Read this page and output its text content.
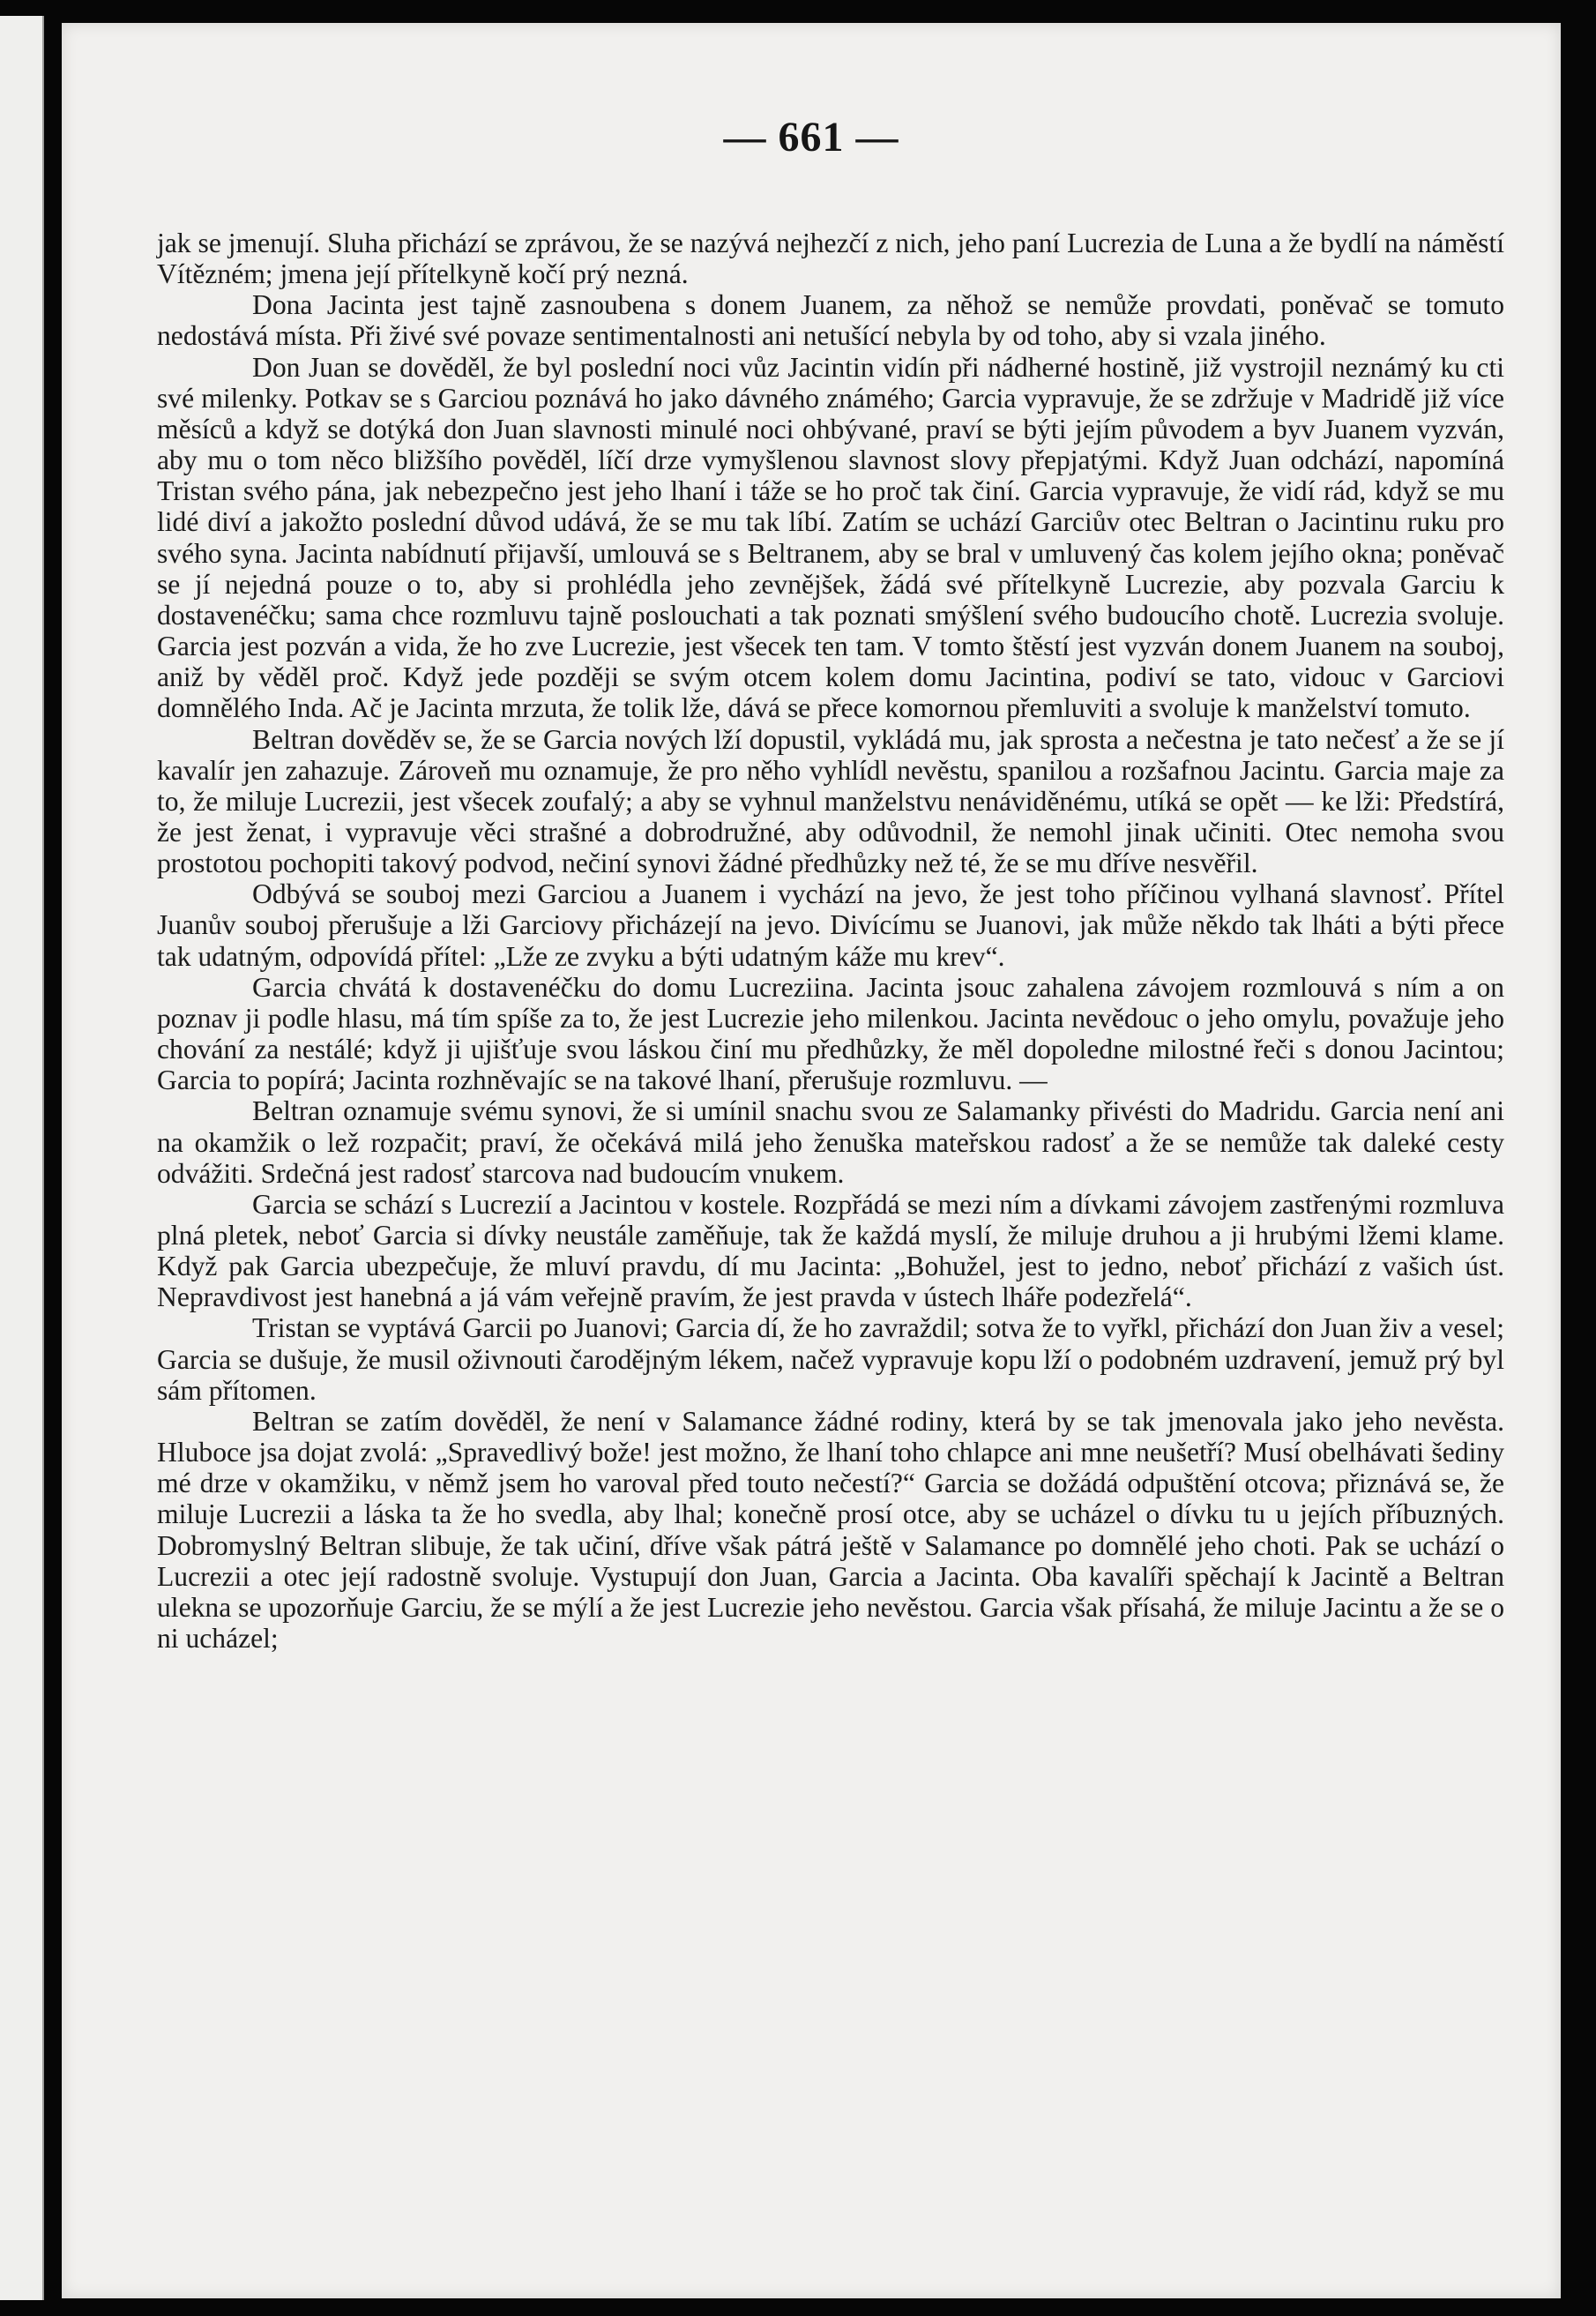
— 661 —

jak se jmenují. Sluha přichází se zprávou, že se nazývá nejhezčí z nich, jeho paní Lucrezia de Luna a že bydlí na náměstí Vítězném; jmena její přítelkyně kočí prý nezná.

Dona Jacinta jest tajně zasnoubena s donem Juanem, za něhož se nemůže provdati, poněvač se tomuto nedostává místa. Při živé své povaze sentimentalnosti ani netušící nebyla by od toho, aby si vzala jiného.

Don Juan se dověděl, že byl poslední noci vůz Jacintin vidín při nádherné hostině, již vystrojil neznámý ku cti své milenky. Potkav se s Garciou poznává ho jako dávného známého; Garcia vypravuje, že se zdržuje v Madridě již více měsíců a když se dotýká don Juan slavnosti minulé noci ohbývané, praví se býti jejím původem a byv Juanem vyzván, aby mu o tom něco bližšího pověděl, líčí drze vymyšlenou slavnost slovy přepjatými. Když Juan odchází, napomíná Tristan svého pána, jak nebezpečno jest jeho lhaní i táže se ho proč tak činí. Garcia vypravuje, že vidí rád, když se mu lidé diví a jakožto poslední důvod udává, že se mu tak líbí. Zatím se uchází Garciův otec Beltran o Jacintinu ruku pro svého syna. Jacinta nabídnutí přijavší, umlouvá se s Beltranem, aby se bral v umluvený čas kolem jejího okna; poněvač se jí nejedná pouze o to, aby si prohlédla jeho zevnějšek, žádá své přítelkyně Lucrezie, aby pozvala Garciu k dostavenéčku; sama chce rozmluvu tajně poslouchati a tak poznati smýšlení svého budoucího chotě. Lucrezia svoluje. Garcia jest pozván a vida, že ho zve Lucrezie, jest všecek ten tam. V tomto štěstí jest vyzván donem Juanem na souboj, aniž by věděl proč. Když jede později se svým otcem kolem domu Jacintina, podiví se tato, vidouc v Garciovi domnělého Inda. Ač je Jacinta mrzuta, že tolik lže, dává se přece komornou přemluviti a svoluje k manželství tomuto.

Beltran dověděv se, že se Garcia nových lží dopustil, vykládá mu, jak sprosta a nečestna je tato nečesť a že se jí kavalír jen zahazuje. Zároveň mu oznamuje, že pro něho vyhlídl nevěstu, spanilou a rozšafnou Jacintu. Garcia maje za to, že miluje Lucrezii, jest všecek zoufalý; a aby se vyhnul manželstvu nenáviděnému, utíká se opět — ke lži: Předstírá, že jest ženat, i vypravuje věci strašné a dobrodružné, aby odůvodnil, že nemohl jinak učiniti. Otec nemoha svou prostotou pochopiti takový podvod, nečiní synovi žádné předhůzky než té, že se mu dříve nesvěřil.

Odbývá se souboj mezi Garciou a Juanem i vychází na jevo, že jest toho příčinou vylhaná slavnosť. Přítel Juanův souboj přerušuje a lži Garciovy přicházejí na jevo. Divícímu se Juanovi, jak může někdo tak lháti a býti přece tak udatným, odpovídá přítel: „Lže ze zvyku a býti udatným káže mu krev“.

Garcia chvátá k dostavenéčku do domu Lucreziina. Jacinta jsouc zahalena závojem rozmlouvá s ním a on poznav ji podle hlasu, má tím spíše za to, že jest Lucrezie jeho milenkou. Jacinta nevědouc o jeho omylu, považuje jeho chování za nestálé; když ji ujišťuje svou láskou činí mu předhůzky, že měl dopoledne milostné řeči s donou Jacintou; Garcia to popírá; Jacinta rozhněvajíc se na takové lhaní, přerušuje rozmluvu. —

Beltran oznamuje svému synovi, že si umínil snachu svou ze Salamanky přivésti do Madridu. Garcia není ani na okamžik o lež rozpačit; praví, že očekává milá jeho ženuška mateřskou radosť a že se nemůže tak daleké cesty odvážiti. Srdečná jest radosť starcova nad budoucím vnukem.

Garcia se schází s Lucrezií a Jacintou v kostele. Rozpřádá se mezi ním a dívkami závojem zastřenými rozmluva plná pletek, neboť Garcia si dívky neustále zaměňuje, tak že každá myslí, že miluje druhou a ji hrubými lžemi klame. Když pak Garcia ubezpečuje, že mluví pravdu, dí mu Jacinta: „Bohužel, jest to jedno, neboť přichází z vašich úst. Nepravdivost jest hanebná a já vám veřejně pravím, že jest pravda v ústech lháře podezřelá“.

Tristan se vyptává Garcii po Juanovi; Garcia dí, že ho zavraždil; sotva že to vyřkl, přichází don Juan živ a vesel; Garcia se dušuje, že musil oživnouti čarodějným lékem, načež vypravuje kopu lží o podobném uzdravení, jemuž prý byl sám přítomen.

Beltran se zatím dověděl, že není v Salamance žádné rodiny, která by se tak jmenovala jako jeho nevěsta. Hluboce jsa dojat zvolá: „Spravedlivý bože! jest možno, že lhaní toho chlapce ani mne neušetří? Musí obelhávati šediny mé drze v okamžiku, v němž jsem ho varoval před touto nečestí?“ Garcia se dožádá odpuštění otcova; přiznává se, že miluje Lucrezii a láska ta že ho svedla, aby lhal; konečně prosí otce, aby se ucházel o dívku tu u jejích příbuzných. Dobromyslný Beltran slibuje, že tak učiní, dříve však pátrá ještě v Salamance po domnělé jeho choti. Pak se uchází o Lucrezii a otec její radostně svoluje. Vystupují don Juan, Garcia a Jacinta. Oba kavalíři spěchají k Jacintě a Beltran ulekna se upozorňuje Garciu, že se mýlí a že jest Lucrezie jeho nevěstou. Garcia však přísahá, že miluje Jacintu a že se o ni ucházel;
